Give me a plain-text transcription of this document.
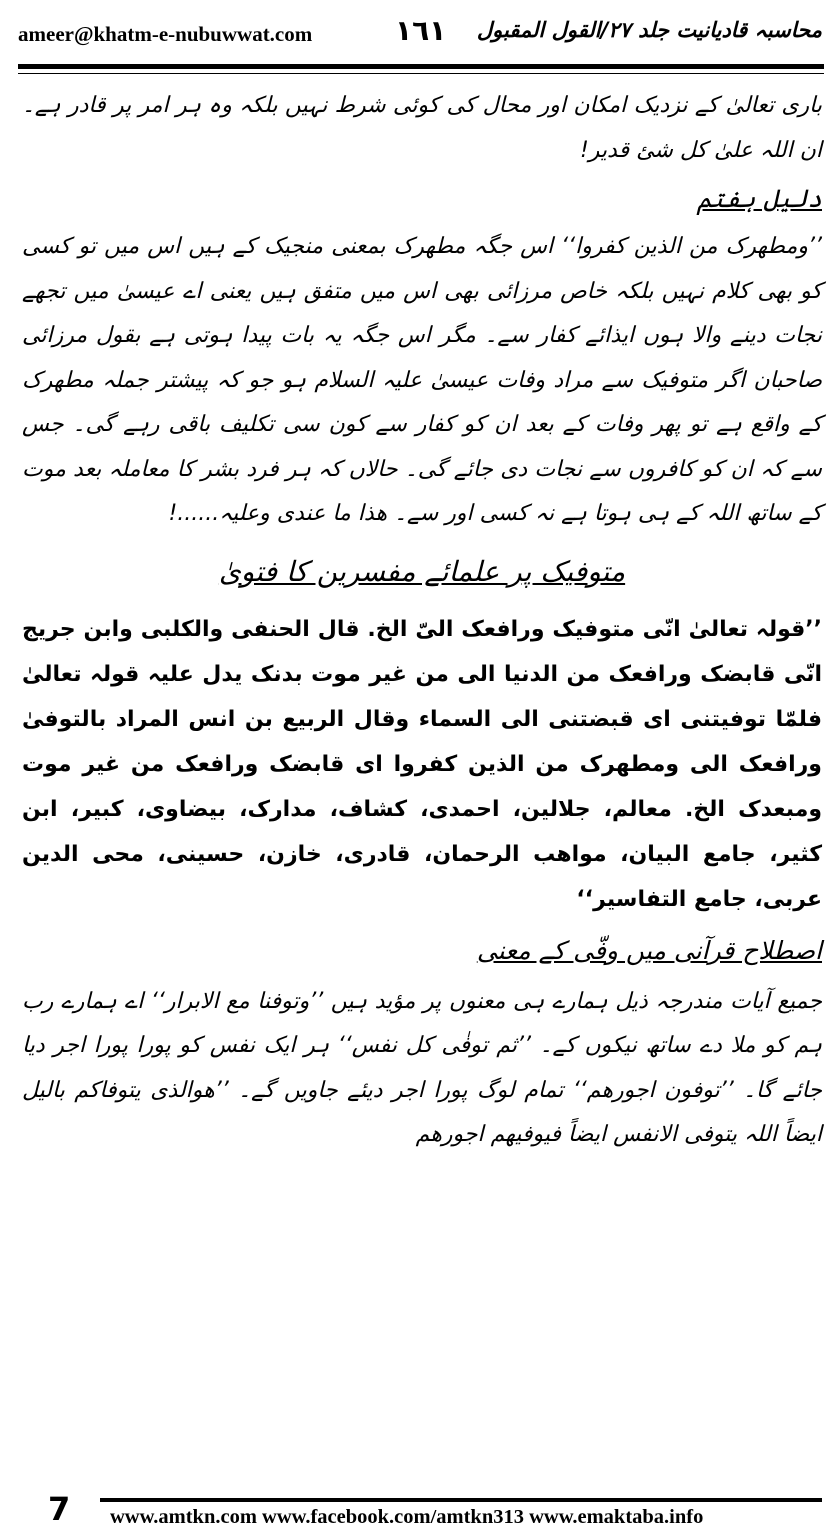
ameer@khatm-e-nubuwwat.com	١٦١ محاسبہ قادیانیت جلد ۲۷/القول المقبول

باری تعالیٰ کے نزدیک امکان اور محال کی کوئی شرط نہیں بلکہ وہ ہر امر پر قادر ہے۔ ان اللہ علیٰ کل شئ قدیر!

دلیل ہفتم

’’ومطھرک من الذین کفروا‘‘ اس جگہ مطھرک بمعنی منجیک کے ہیں اس میں تو کسی کو بھی کلام نہیں بلکہ خاص مرزائی بھی اس میں متفق ہیں یعنی اے عیسیٰ میں تجھے نجات دینے والا ہوں ایذائے کفار سے۔ مگر اس جگہ یہ بات پیدا ہوتی ہے بقول مرزائی صاحبان اگر متوفیک سے مراد وفات عیسیٰ علیہ السلام ہو جو کہ پیشتر جملہ مطھرک کے واقع ہے تو پھر وفات کے بعد ان کو کفار سے کون سی تکلیف باقی رہے گی۔ جس سے کہ ان کو کافروں سے نجات دی جائے گی۔ حالاں کہ ہر فرد بشر کا معاملہ بعد موت کے ساتھ اللہ کے ہی ہوتا ہے نہ کسی اور سے۔ ھذا ما عندی وعلیہ......!

متوفیک پر علمائے مفسرین کا فتویٰ

’’قولہ تعالیٰ انّی متوفیک ورافعک الیّ الخ. قال الحنفی والکلبی وابن جریج انّی قابضک ورافعک من الدنیا الی من غیر موت بدنک یدل علیہ قولہ تعالیٰ فلمّا توفیتنی ای قبضتنی الی السماء وقال الربیع بن انس المراد بالتوفیٰ ورافعک الی ومطھرک من الذین کفروا ای قابضک ورافعک من غیر موت ومبعدک الخ. معالم، جلالین، احمدی، کشاف، مدارک، بیضاوی، کبیر، ابن کثیر، جامع البیان، مواھب الرحمان، قادری، خازن، حسینی، محی الدین عربی، جامع التفاسیر‘‘

اصطلاح قرآنی میں وفّی کے معنی

جمیع آیات مندرجہ ذیل ہمارے ہی معنوں پر مؤید ہیں ’’وتوفنا مع الابرار‘‘ اے ہمارے رب ہم کو ملا دے ساتھ نیکوں کے۔ ’’ثم توفٰی کل نفس‘‘ ہر ایک نفس کو پورا پورا اجر دیا جائے گا۔ ’’توفون اجورھم‘‘ تمام لوگ پورا اجر دیئے جاویں گے۔ ’’ھوالذی یتوفاکم بالیل ایضاً اللہ یتوفی الانفس ایضاً فیوفیھم اجورھم

7 www.amtkn.com www.facebook.com/amtkn313 www.emaktaba.info
